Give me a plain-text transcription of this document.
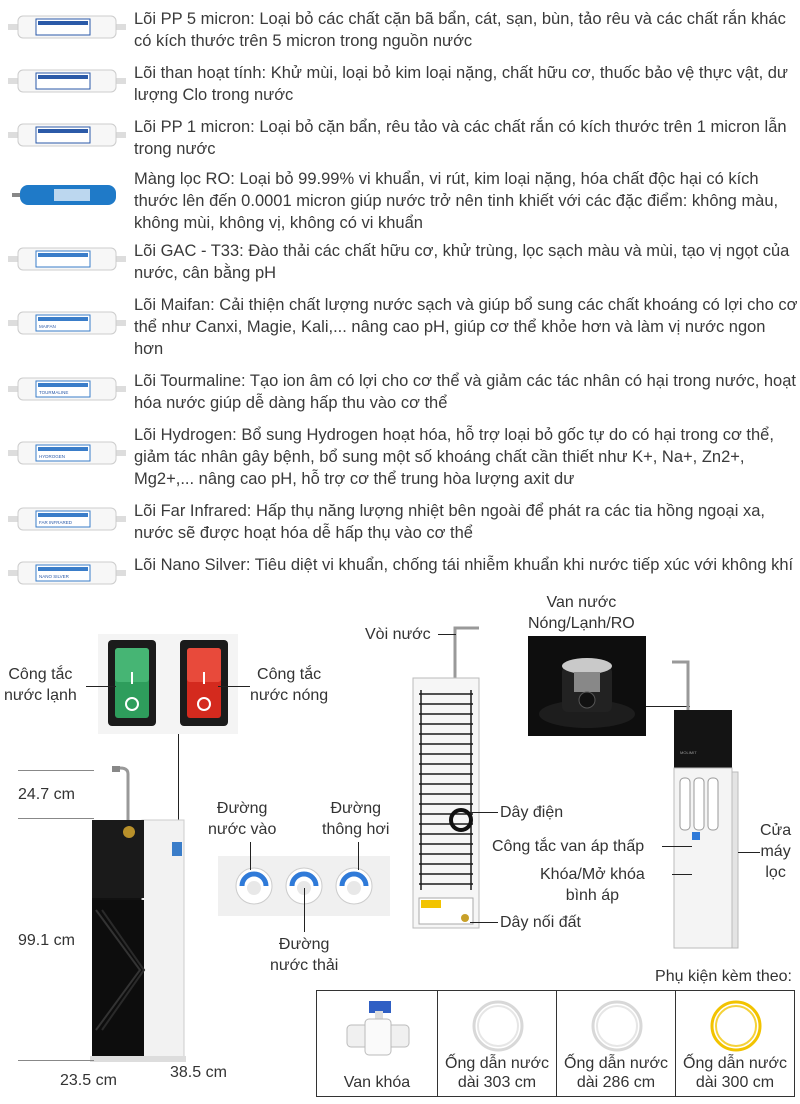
Lõi PP 5 micron: Loại bỏ các chất cặn bã bẩn, cát, sạn, bùn, tảo rêu và các chất rắn khác có kích thước trên 5 micron trong nguồn nước
Lõi than hoạt tính: Khử mùi, loại bỏ kim loại nặng, chất hữu cơ, thuốc bảo vệ thực vật, dư lượng Clo trong nước
Lõi PP 1 micron: Loại bỏ cặn bẩn, rêu tảo và các chất rắn có kích thước trên 1 micron lẫn trong nước
Màng lọc RO: Loại bỏ 99.99% vi khuẩn, vi rút, kim loại nặng, hóa chất độc hại có kích thước lên đến 0.0001 micron giúp nước trở nên tinh khiết với các đặc điểm: không màu, không mùi, không vị, không có vi khuẩn
Lõi GAC - T33: Đào thải các chất hữu cơ, khử trùng, lọc sạch màu và mùi, tạo vị ngọt của nước, cân bằng pH
MAIFAN
Lõi Maifan: Cải thiện chất lượng nước sạch và giúp bổ sung các chất khoáng có lợi cho cơ thể như Canxi, Magie, Kali,... nâng cao pH, giúp cơ thể khỏe hơn và làm vị nước ngon hơn
TOURMALINE
Lõi Tourmaline: Tạo ion âm có lợi cho cơ thể và giảm các tác nhân có hại trong nước, hoạt hóa nước giúp dễ dàng hấp thu vào cơ thể
HYDROGEN
Lõi Hydrogen: Bổ sung Hydrogen hoạt hóa, hỗ trợ loại bỏ gốc tự do có hại trong cơ thể, giảm tác nhân gây bệnh, bổ sung một số khoáng chất cần thiết như K+, Na+, Zn2+, Mg2+,... nâng cao pH, hỗ trợ cơ thể trung hòa lượng axit dư
FAR INFRARED
Lõi Far Infrared: Hấp thụ năng lượng nhiệt bên ngoài để phát ra các tia hồng ngoại xa, nước sẽ được hoạt hóa dễ hấp thụ vào cơ thể
NANO SILVER
Lõi Nano Silver: Tiêu diệt vi khuẩn, chống tái nhiễm khuẩn khi nước tiếp xúc với không khí
Công tắc
nước lạnh
Công tắc
nước nóng
24.7 cm
99.1 cm
23.5 cm	38.5 cm
Đường
nước vào
Đường
thông hơi
Đường
nước thải
Vòi nước
Dây điện
Dây nối đất
Van nước
Nóng/Lạnh/RO
MOLIMIT
Công tắc van áp thấp
Khóa/Mở khóa
bình áp
Cửa
máy
lọc
Phụ kiện kèm theo:
Van khóa
Ống dẫn nước
dài 303 cm
Ống dẫn nước
dài 286 cm
Ống dẫn nước
dài 300 cm
